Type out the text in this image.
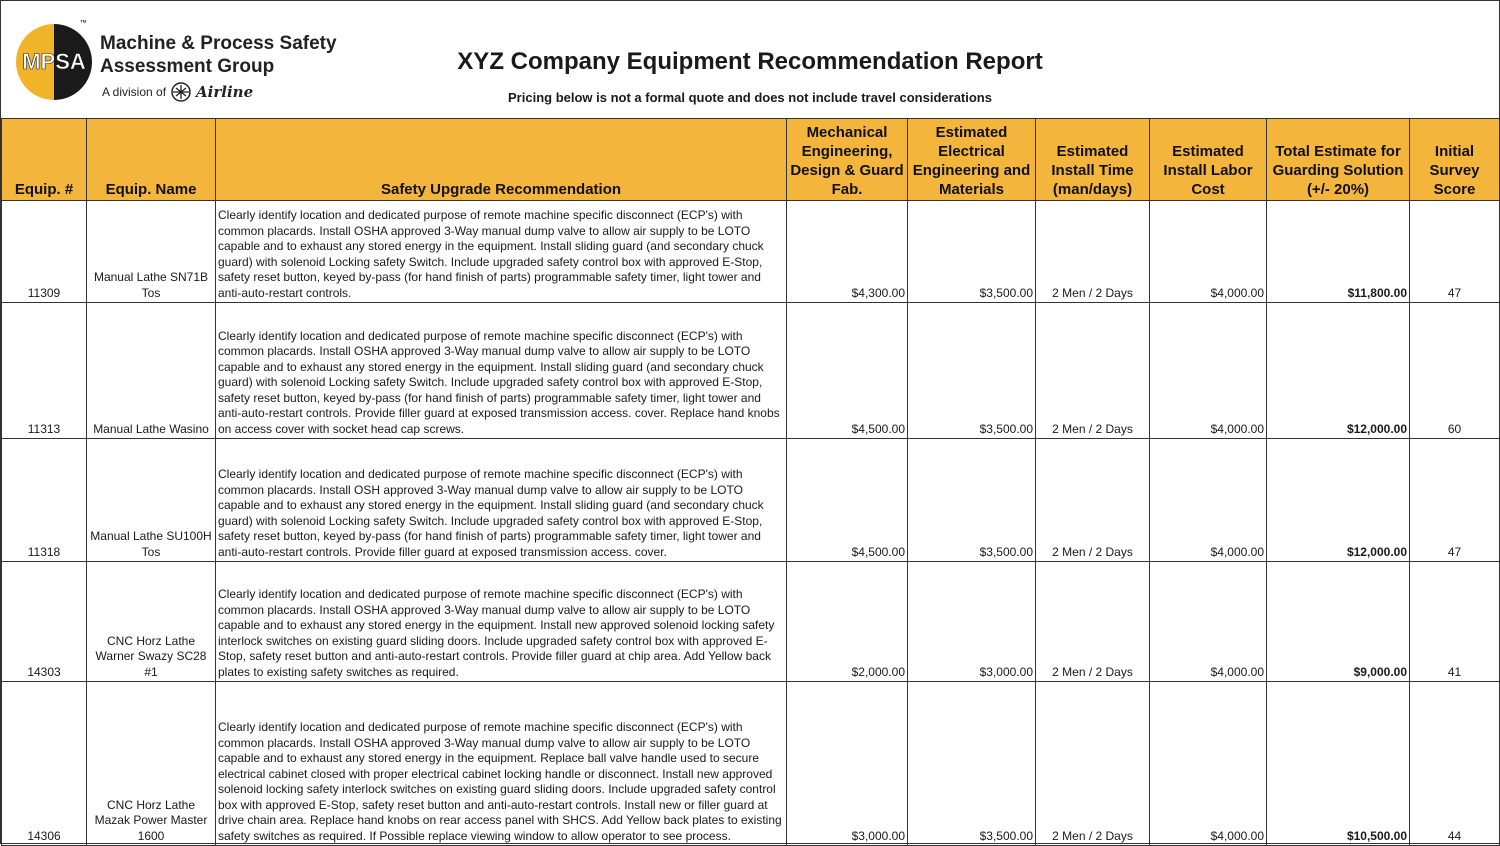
MPSA
™
Machine & Process Safety
Assessment Group
A division of Airline
XYZ Company Equipment Recommendation Report
Pricing below is not a formal quote and does not include travel considerations
Equip. #	Equip. Name	Safety Upgrade Recommendation	Mechanical Engineering, Design & Guard Fab.	Estimated Electrical Engineering and Materials	Estimated Install Time (man/days)	Estimated Install Labor Cost	Total Estimate for Guarding Solution (+/- 20%)	Initial Survey Score
11309	Manual Lathe SN71B Tos	Clearly identify location and dedicated purpose of remote machine specific disconnect (ECP's) with common placards. Install OSHA approved 3-Way manual dump valve to allow air supply to be LOTO capable and to exhaust any stored energy in the equipment. Install sliding guard (and secondary chuck guard) with solenoid Locking safety Switch. Include upgraded safety control box with approved E-Stop, safety reset button, keyed by-pass (for hand finish of parts) programmable safety timer, light tower and anti-auto-restart controls.	$4,300.00	$3,500.00	2 Men / 2 Days	$4,000.00	$11,800.00	47
11313	Manual Lathe Wasino	Clearly identify location and dedicated purpose of remote machine specific disconnect (ECP's) with common placards. Install OSHA approved 3-Way manual dump valve to allow air supply to be LOTO capable and to exhaust any stored energy in the equipment. Install sliding guard (and secondary chuck guard) with solenoid Locking safety Switch. Include upgraded safety control box with approved E-Stop, safety reset button, keyed by-pass (for hand finish of parts) programmable safety timer, light tower and anti-auto-restart controls. Provide filler guard at exposed transmission access. cover. Replace hand knobs on access cover with socket head cap screws.	$4,500.00	$3,500.00	2 Men / 2 Days	$4,000.00	$12,000.00	60
11318	Manual Lathe SU100H Tos	Clearly identify location and dedicated purpose of remote machine specific disconnect (ECP's) with common placards. Install OSH approved 3-Way manual dump valve to allow air supply to be LOTO capable and to exhaust any stored energy in the equipment. Install sliding guard (and secondary chuck guard) with solenoid Locking safety Switch. Include upgraded safety control box with approved E-Stop, safety reset button, keyed by-pass (for hand finish of parts) programmable safety timer, light tower and anti-auto-restart controls. Provide filler guard at exposed transmission access. cover.	$4,500.00	$3,500.00	2 Men / 2 Days	$4,000.00	$12,000.00	47
14303	CNC Horz Lathe Warner Swazy SC28 #1	Clearly identify location and dedicated purpose of remote machine specific disconnect (ECP's) with common placards. Install OSHA approved 3-Way manual dump valve to allow air supply to be LOTO capable and to exhaust any stored energy in the equipment. Install new approved solenoid locking safety interlock switches on existing guard sliding doors. Include upgraded safety control box with approved E-Stop, safety reset button and anti-auto-restart controls. Provide filler guard at chip area. Add Yellow back plates to existing safety switches as required.	$2,000.00	$3,000.00	2 Men / 2 Days	$4,000.00	$9,000.00	41
14306	CNC Horz Lathe Mazak Power Master 1600	Clearly identify location and dedicated purpose of remote machine specific disconnect (ECP's) with common placards. Install OSHA approved 3-Way manual dump valve to allow air supply to be LOTO capable and to exhaust any stored energy in the equipment. Replace ball valve handle used to secure electrical cabinet closed with proper electrical cabinet locking handle or disconnect. Install new approved solenoid locking safety interlock switches on existing guard sliding doors. Include upgraded safety control box with approved E-Stop, safety reset button and anti-auto-restart controls. Install new or filler guard at drive chain area. Replace hand knobs on rear access panel with SHCS. Add Yellow back plates to existing safety switches as required. If Possible replace viewing window to allow operator to see process.	$3,000.00	$3,500.00	2 Men / 2 Days	$4,000.00	$10,500.00	44
